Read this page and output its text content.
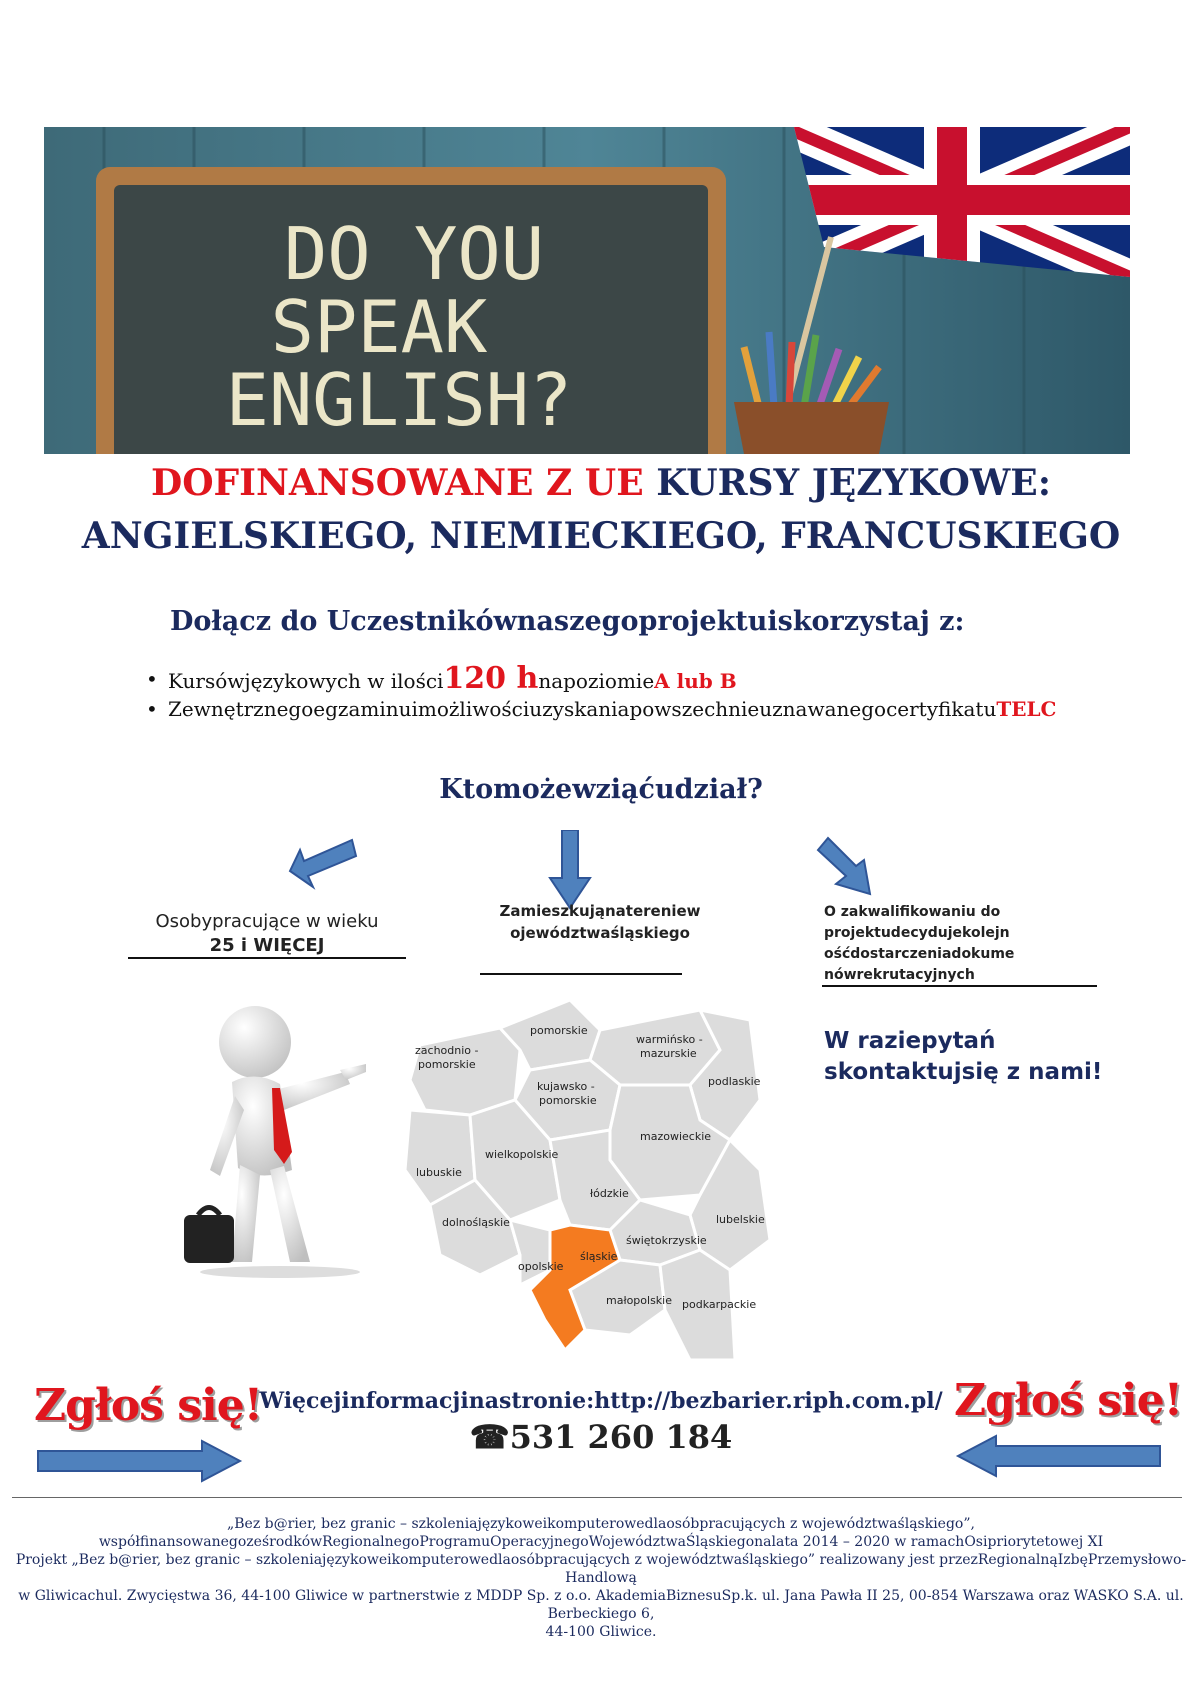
DO YOU
SPEAK
ENGLISH?
DOFINANSOWANE Z UE KURSY JĘZYKOWE:
ANGIELSKIEGO, NIEMIECKIEGO, FRANCUSKIEGO
Dołącz do Uczestnikównaszegoprojektuiskorzystaj z:
• Kursówjęzykowych w ilości120 hnapoziomieA lub B
• ZewnętrznegoegzaminuimożliwościuzyskaniapowszechnieuznawanegocertyfikatuTELC
Ktomożewziąćudział?
Osobypracujące w wieku
25 i WIĘCEJ
Zamieszkująnatereniew
ojewództwaśląskiego
O zakwalifikowaniu do
projektudecydujekolejn
ośćdostarczeniadokume
nówrekrutacyjnych
W raziepytań
skontaktujsię z nami!
pomorskie
zachodnio -
pomorskie
warmińsko -
mazurskie
kujawsko -
pomorskie
podlaskie
wielkopolskie
mazowieckie
lubuskie
łódzkie
dolnośląskie	lubelskie
świętokrzyskie
śląskie
opolskie
małopolskie podkarpackie
Zgłoś się!	Zgłoś się!
Więcejinformacjinastronie:http://bezbarier.riph.com.pl/
☎531 260 184
„Bez b@rier, bez granic – szkoleniajęzykoweikomputerowedlaosóbpracujących z województwaśląskiego”,
współfinansowanegoześrodkówRegionalnegoProgramuOperacyjnegoWojewództwaŚląskiegonalata 2014 – 2020 w ramachOsipriorytetowej XI
Projekt „Bez b@rier, bez granic – szkoleniajęzykoweikomputerowedlaosóbpracujących z województwaśląskiego” realizowany jest przezRegionalnąIzbęPrzemysłowo-Handlową
w Gliwicachul. Zwycięstwa 36, 44-100 Gliwice w partnerstwie z MDDP Sp. z o.o. AkademiaBiznesuSp.k. ul. Jana Pawła II 25, 00-854 Warszawa oraz WASKO S.A. ul. Berbeckiego 6,
44-100 Gliwice.
